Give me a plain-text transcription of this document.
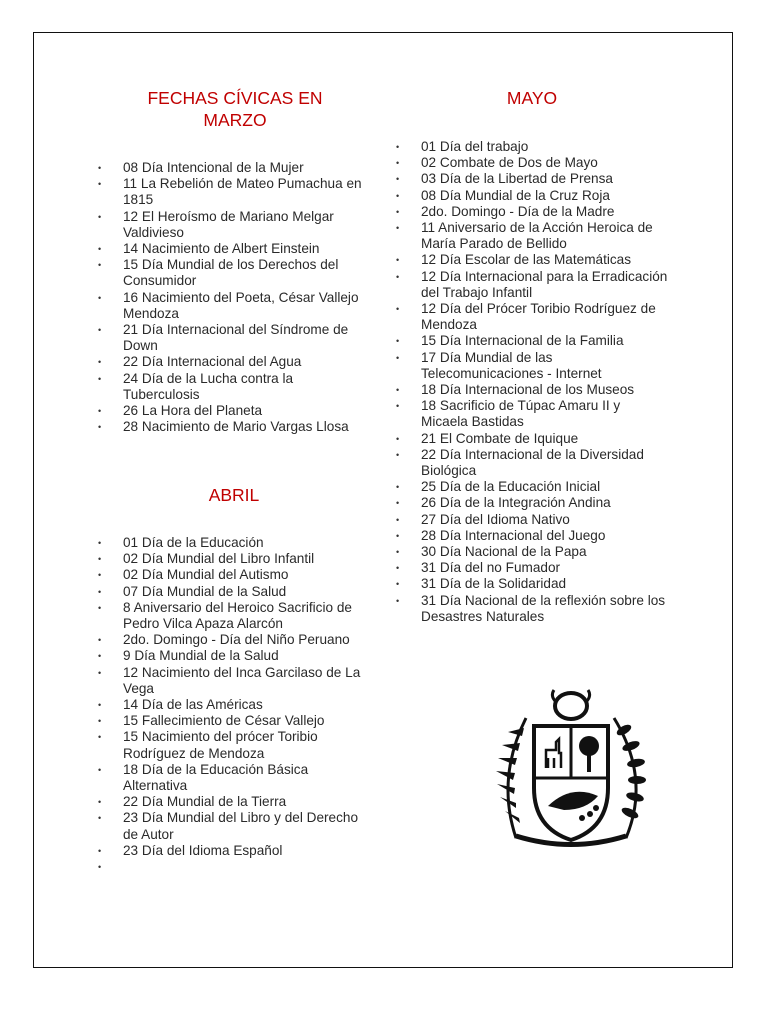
FECHAS CÍVICAS EN MARZO
• 08 Día Intencional de la Mujer
• 11 La Rebelión de Mateo Pumachua en 1815
• 12 El Heroísmo de Mariano Melgar Valdivieso
• 14 Nacimiento de Albert Einstein
• 15 Día Mundial de los Derechos del Consumidor
• 16 Nacimiento del Poeta, César Vallejo Mendoza
• 21 Día Internacional del Síndrome de Down
• 22 Día Internacional del Agua
• 24 Día de la Lucha contra la Tuberculosis
• 26 La Hora del Planeta
• 28 Nacimiento de Mario Vargas Llosa
ABRIL
• 01 Día de la Educación
• 02 Día Mundial del Libro Infantil
• 02 Día Mundial del Autismo
• 07 Día Mundial de la Salud
• 8 Aniversario del Heroico Sacrificio de Pedro Vilca Apaza Alarcón
• 2do. Domingo - Día del Niño Peruano
• 9 Día Mundial de la Salud
• 12 Nacimiento del Inca Garcilaso de La Vega
• 14 Día de las Américas
• 15 Fallecimiento de César Vallejo
• 15 Nacimiento del prócer Toribio Rodríguez de Mendoza
• 18 Día de la Educación Básica Alternativa
• 22 Día Mundial de la Tierra
• 23 Día Mundial del Libro y del Derecho de Autor
• 23 Día del Idioma Español
•
MAYO
• 01 Día del trabajo
• 02 Combate de Dos de Mayo
• 03 Día de la Libertad de Prensa
• 08 Día Mundial de la Cruz Roja
• 2do. Domingo - Día de la Madre
• 11 Aniversario de la Acción Heroica de María Parado de Bellido
• 12 Día Escolar de las Matemáticas
• 12 Día Internacional para la Erradicación del Trabajo Infantil
• 12 Día del Prócer Toribio Rodríguez de Mendoza
• 15 Día Internacional de la Familia
• 17 Día Mundial de las Telecomunicaciones - Internet
• 18 Día Internacional de los Museos
• 18 Sacrificio de Túpac Amaru II y Micaela Bastidas
• 21 El Combate de Iquique
• 22 Día Internacional de la Diversidad Biológica
• 25 Día de la Educación Inicial
• 26 Día de la Integración Andina
• 27 Día del Idioma Nativo
• 28 Día Internacional del Juego
• 30 Día Nacional de la Papa
• 31 Día del no Fumador
• 31 Día de la Solidaridad
• 31 Día Nacional de la reflexión sobre los Desastres Naturales
